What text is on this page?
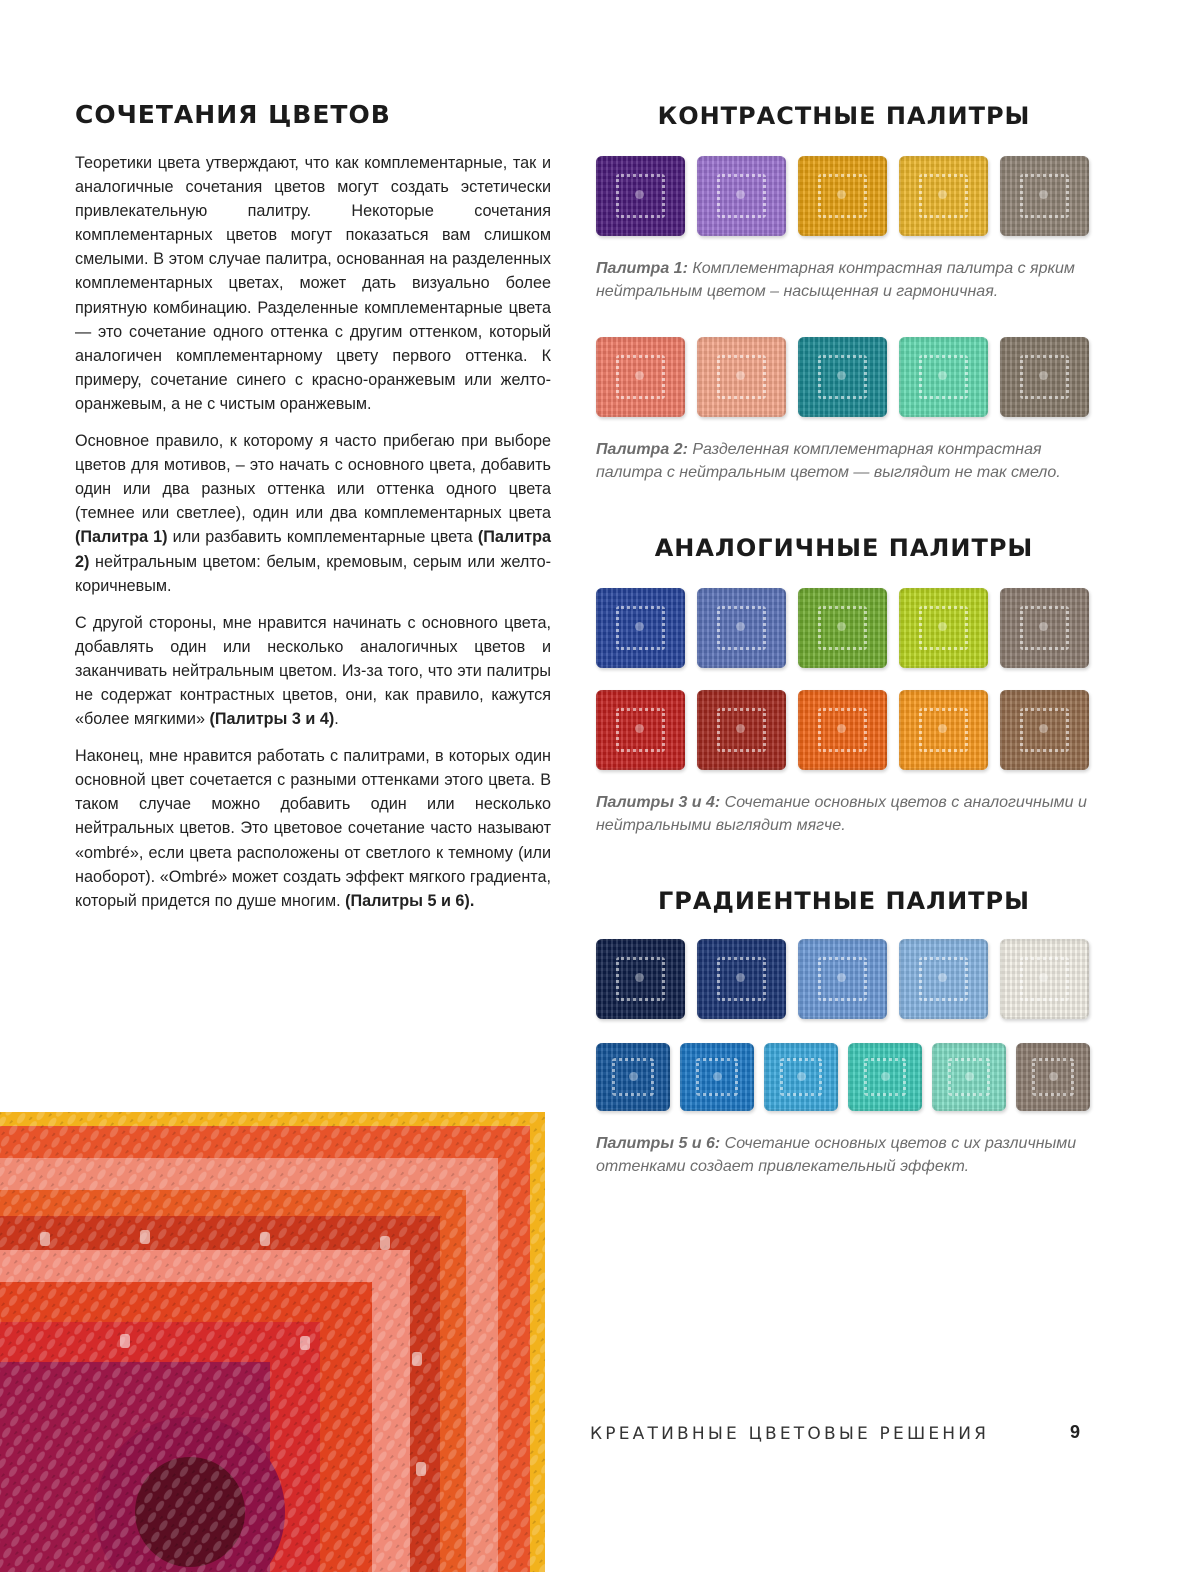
СОЧЕТАНИЯ ЦВЕТОВ

Теоретики цвета утверждают, что как комплементарные, так и аналогичные сочетания цветов могут создать эстетически привлекательную палитру. Некоторые сочетания комплементарных цветов могут показаться вам слишком смелыми. В этом случае палитра, основанная на разделенных комплементарных цветах, может дать визуально более приятную комбинацию. Разделенные комплементарные цвета — это сочетание одного оттенка с другим оттенком, который аналогичен комплементарному цвету первого оттенка. К примеру, сочетание синего с красно-оранжевым или желто-оранжевым, а не с чистым оранжевым.

Основное правило, к которому я часто прибегаю при выборе цветов для мотивов, – это начать с основного цвета, добавить один или два разных оттенка или оттенка одного цвета (темнее или светлее), один или два комплементарных цвета (Палитра 1) или разбавить комплементарные цвета (Палитра 2) нейтральным цветом: белым, кремовым, серым или желто-коричневым.

С другой стороны, мне нравится начинать с основного цвета, добавлять один или несколько аналогичных цветов и заканчивать нейтральным цветом. Из-за того, что эти палитры не содержат контрастных цветов, они, как правило, кажутся «более мягкими» (Палитры 3 и 4).

Наконец, мне нравится работать с палитрами, в которых один основной цвет сочетается с разными оттенками этого цвета. В таком случае можно добавить один или несколько нейтральных цветов. Это цветовое сочетание часто называют «ombré», если цвета расположены от светлого к темному (или наоборот). «Ombré» может создать эффект мягкого градиента, который придется по душе многим. (Палитры 5 и 6).

КОНТРАСТНЫЕ ПАЛИТРЫ

Палитра 1: Комплементарная контрастная палитра с ярким нейтральным цветом – насыщенная и гармоничная.

Палитра 2: Разделенная комплементарная контрастная палитра с нейтральным цветом — выглядит не так смело.

АНАЛОГИЧНЫЕ ПАЛИТРЫ

Палитры 3 и 4: Сочетание основных цветов с аналогичными и нейтральными выглядит мягче.

ГРАДИЕНТНЫЕ ПАЛИТРЫ

Палитры 5 и 6: Сочетание основных цветов с их различными оттенками создает привлекательный эффект.

КРЕАТИВНЫЕ ЦВЕТОВЫЕ РЕШЕНИЯ	9
